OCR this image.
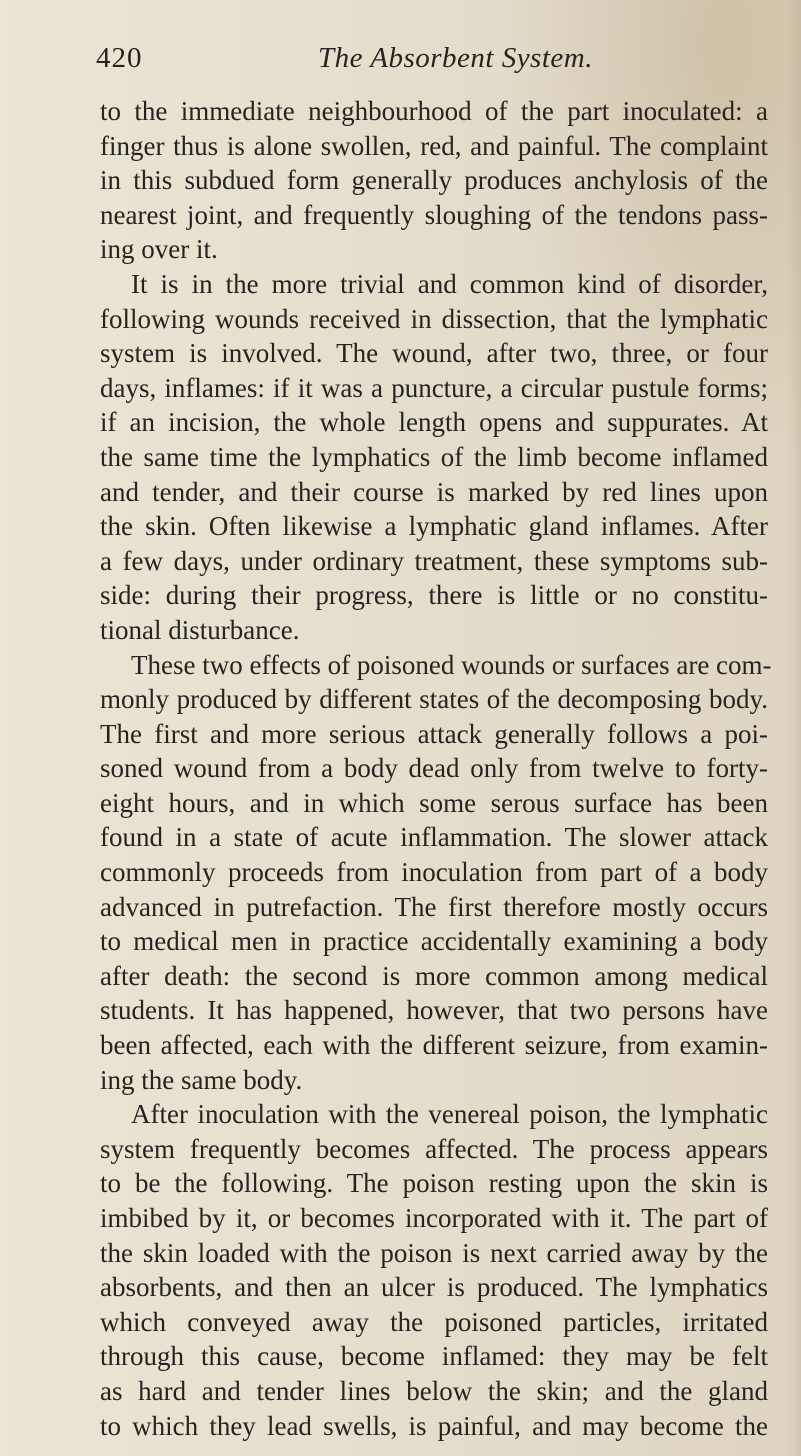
420	The Absorbent System.
to the immediate neighbourhood of the part inoculated: a
finger thus is alone swollen, red, and painful. The complaint
in this subdued form generally produces anchylosis of the
nearest joint, and frequently sloughing of the tendons pass-
ing over it.
It is in the more trivial and common kind of disorder,
following wounds received in dissection, that the lymphatic
system is involved. The wound, after two, three, or four
days, inflames: if it was a puncture, a circular pustule forms;
if an incision, the whole length opens and suppurates. At
the same time the lymphatics of the limb become inflamed
and tender, and their course is marked by red lines upon
the skin. Often likewise a lymphatic gland inflames. After
a few days, under ordinary treatment, these symptoms sub-
side: during their progress, there is little or no constitu-
tional disturbance.
These two effects of poisoned wounds or surfaces are com-
monly produced by different states of the decomposing body.
The first and more serious attack generally follows a poi-
soned wound from a body dead only from twelve to forty-
eight hours, and in which some serous surface has been
found in a state of acute inflammation. The slower attack
commonly proceeds from inoculation from part of a body
advanced in putrefaction. The first therefore mostly occurs
to medical men in practice accidentally examining a body
after death: the second is more common among medical
students. It has happened, however, that two persons have
been affected, each with the different seizure, from examin-
ing the same body.
After inoculation with the venereal poison, the lymphatic
system frequently becomes affected. The process appears
to be the following. The poison resting upon the skin is
imbibed by it, or becomes incorporated with it. The part of
the skin loaded with the poison is next carried away by the
absorbents, and then an ulcer is produced. The lymphatics
which conveyed away the poisoned particles, irritated
through this cause, become inflamed: they may be felt
as hard and tender lines below the skin; and the gland
to which they lead swells, is painful, and may become the
